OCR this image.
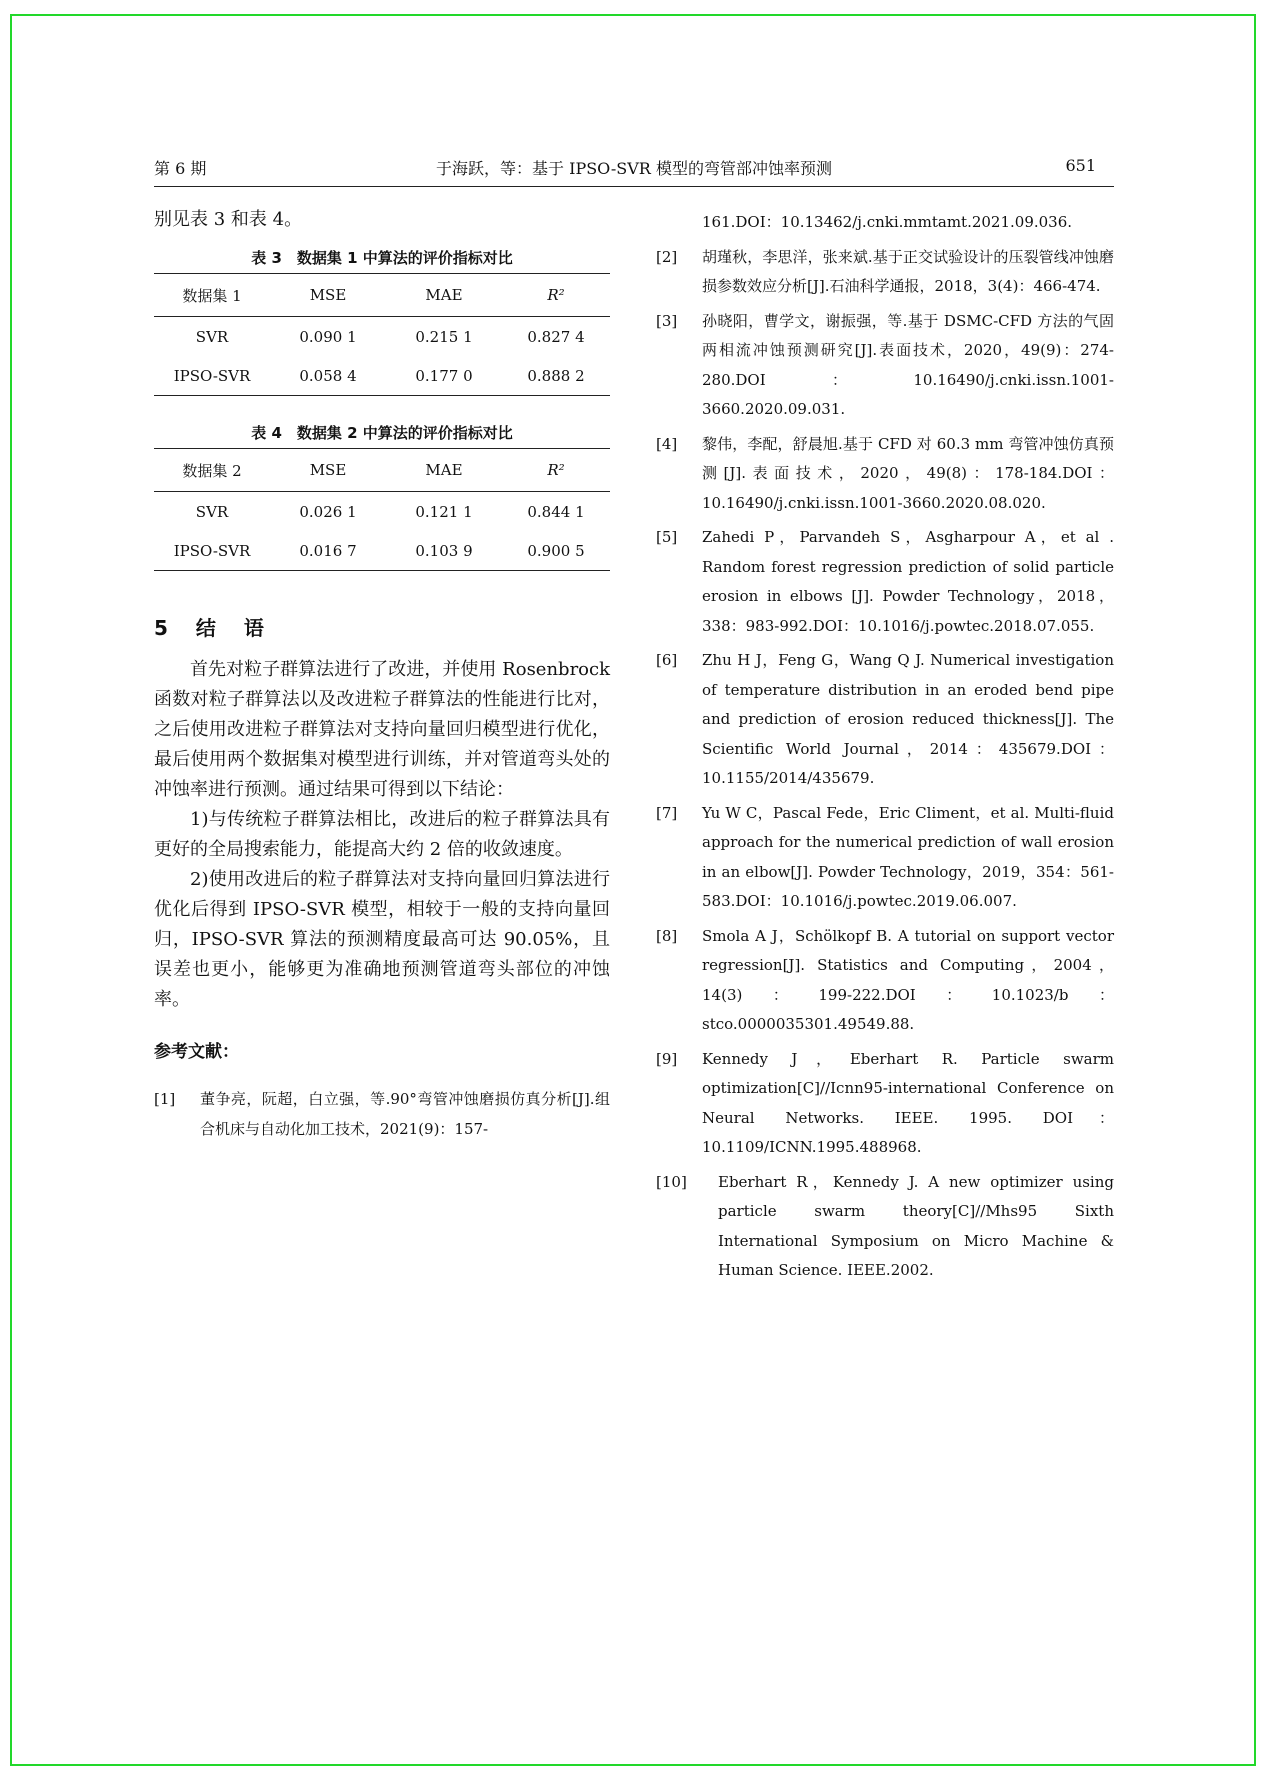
第 6 期	于海跃，等：基于 IPSO-SVR 模型的弯管部冲蚀率预测	651

别见表 3 和表 4。

表 3　数据集 1 中算法的评价指标对比

数据集 1	MSE	MAE	R²
SVR	0.090 1	0.215 1	0.827 4
IPSO-SVR	0.058 4	0.177 0	0.888 2

表 4　数据集 2 中算法的评价指标对比

数据集 2	MSE	MAE	R²
SVR	0.026 1	0.121 1	0.844 1
IPSO-SVR	0.016 7	0.103 9	0.900 5
5　结　语

首先对粒子群算法进行了改进，并使用 Rosenbrock 函数对粒子群算法以及改进粒子群算法的性能进行比对，之后使用改进粒子群算法对支持向量回归模型进行优化，最后使用两个数据集对模型进行训练，并对管道弯头处的冲蚀率进行预测。通过结果可得到以下结论：

1)与传统粒子群算法相比，改进后的粒子群算法具有更好的全局搜索能力，能提高大约 2 倍的收敛速度。

2)使用改进后的粒子群算法对支持向量回归算法进行优化后得到 IPSO-SVR 模型，相较于一般的支持向量回归，IPSO-SVR 算法的预测精度最高可达 90.05%，且误差也更小，能够更为准确地预测管道弯头部位的冲蚀率。

参考文献：
[1]	董争亮，阮超，白立强，等.90°弯管冲蚀磨损仿真分析[J].组合机床与自动化加工技术，2021(9)：157-
161.DOI：10.13462/j.cnki.mmtamt.2021.09.036.
[2]	胡瑾秋，李思洋，张来斌.基于正交试验设计的压裂管线冲蚀磨损参数效应分析[J].石油科学通报，2018，3(4)：466-474.
[3]	孙晓阳，曹学文，谢振强，等.基于 DSMC-CFD 方法的气固两相流冲蚀预测研究[J].表面技术，2020，49(9)：274-280.DOI：10.16490/j.cnki.issn.1001-3660.2020.09.031.
[4]	黎伟，李配，舒晨旭.基于 CFD 对 60.3 mm 弯管冲蚀仿真预测[J].表面技术，2020，49(8)：178-184.DOI：10.16490/j.cnki.issn.1001-3660.2020.08.020.
[5]	Zahedi P，Parvandeh S，Asgharpour A，et al . Random forest regression prediction of solid particle erosion in elbows [J]. Powder Technology，2018，338：983-992.DOI：10.1016/j.powtec.2018.07.055.
[6]	Zhu H J，Feng G，Wang Q J. Numerical investigation of temperature distribution in an eroded bend pipe and prediction of erosion reduced thickness[J]. The Scientific World Journal，2014：435679.DOI：10.1155/2014/435679.
[7]	Yu W C，Pascal Fede，Eric Climent，et al. Multi-fluid approach for the numerical prediction of wall erosion in an elbow[J]. Powder Technology，2019，354：561-583.DOI：10.1016/j.powtec.2019.06.007.
[8]	Smola A J，Schölkopf B. A tutorial on support vector regression[J]. Statistics and Computing，2004，14(3)：199-222.DOI：10.1023/b：stco.0000035301.49549.88.
[9]	Kennedy J，Eberhart R. Particle swarm optimization[C]//Icnn95-international Conference on Neural Networks. IEEE. 1995. DOI：10.1109/ICNN.1995.488968.
[10]	Eberhart R，Kennedy J. A new optimizer using particle swarm theory[C]//Mhs95 Sixth International Symposium on Micro Machine & Human Science. IEEE.2002.
